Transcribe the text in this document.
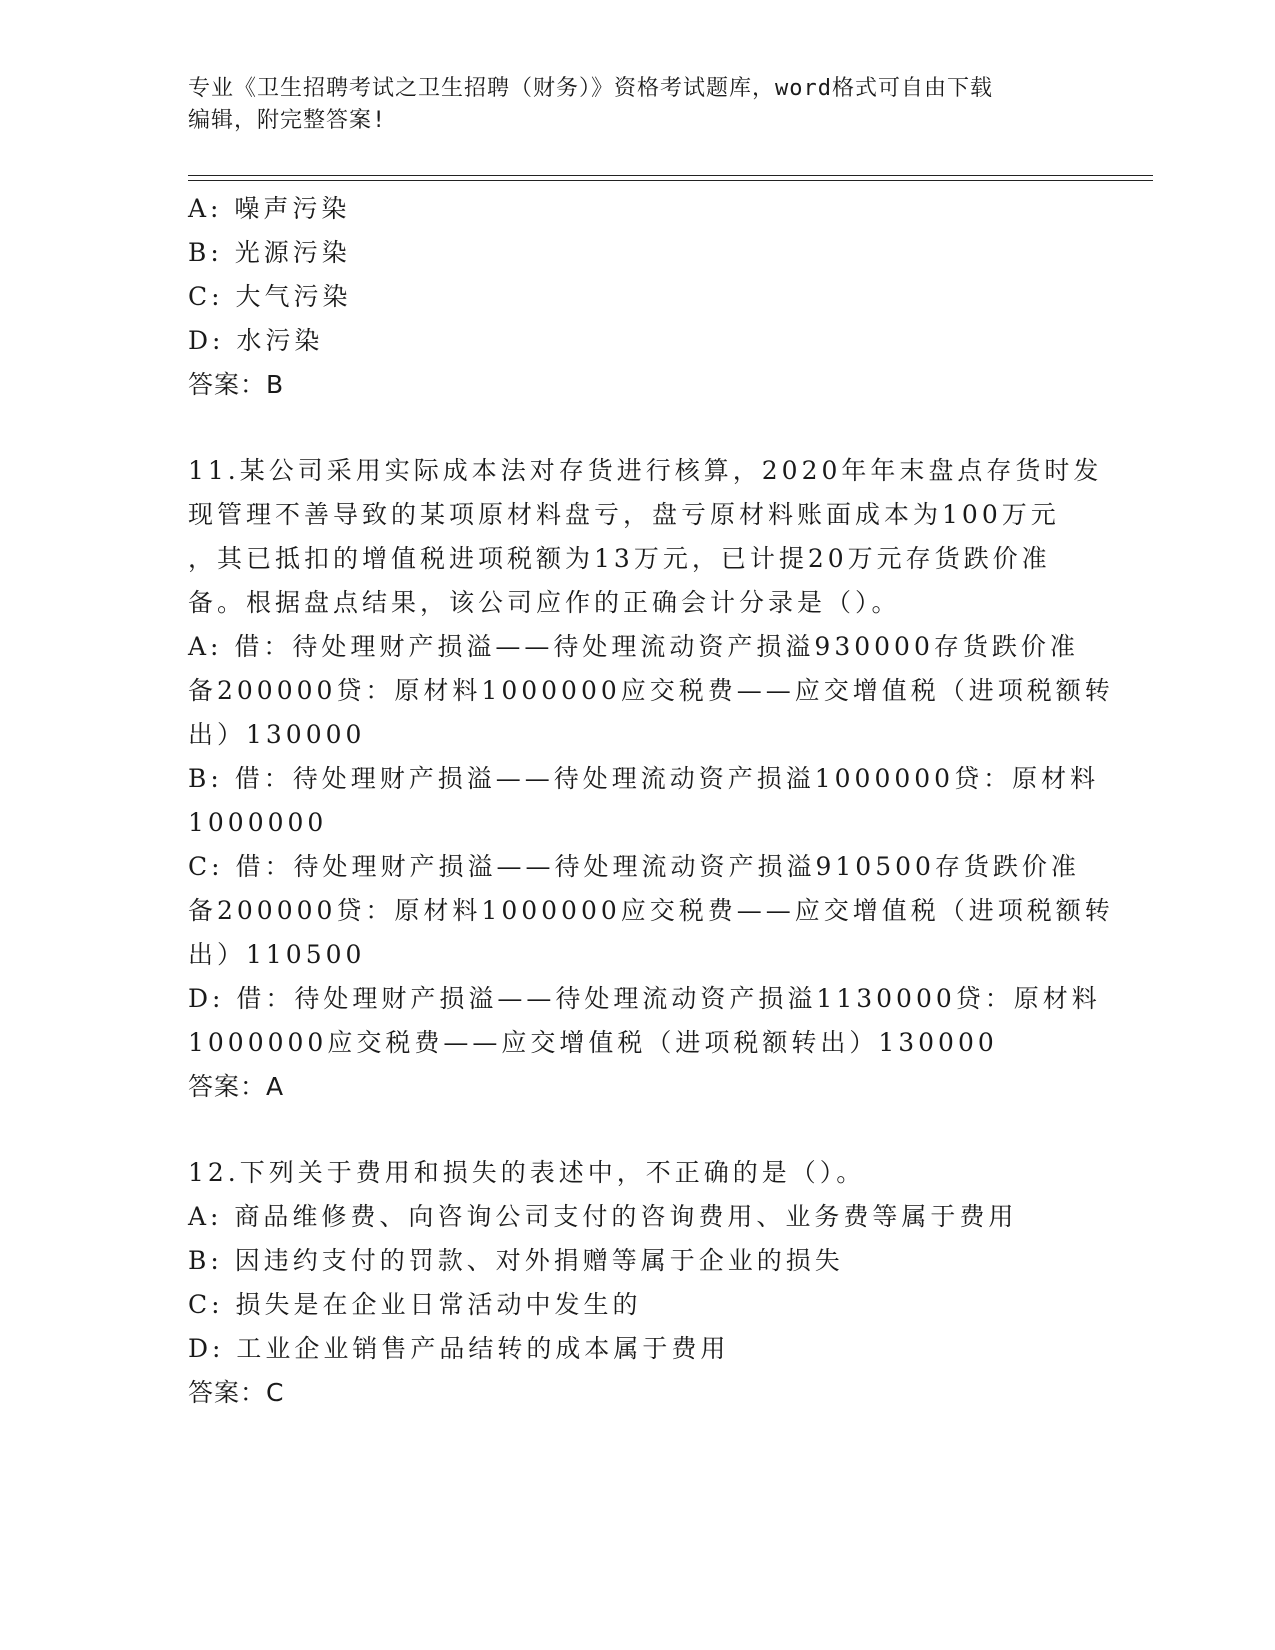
专业《卫生招聘考试之卫生招聘（财务）》资格考试题库，word格式可自由下载
编辑，附完整答案!
A: 噪声污染
B: 光源污染
C: 大气污染
D: 水污染
答案：B
11.某公司采用实际成本法对存货进行核算，2020年年末盘点存货时发
现管理不善导致的某项原材料盘亏，盘亏原材料账面成本为100万元
，其已抵扣的增值税进项税额为13万元，已计提20万元存货跌价准
备。根据盘点结果，该公司应作的正确会计分录是（）。
A: 借：待处理财产损溢——待处理流动资产损溢930000存货跌价准
备200000贷：原材料1000000应交税费——应交增值税（进项税额转
出）130000
B: 借：待处理财产损溢——待处理流动资产损溢1000000贷：原材料
1000000
C: 借：待处理财产损溢——待处理流动资产损溢910500存货跌价准
备200000贷：原材料1000000应交税费——应交增值税（进项税额转
出）110500
D: 借：待处理财产损溢——待处理流动资产损溢1130000贷：原材料
1000000应交税费——应交增值税（进项税额转出）130000
答案：A
12.下列关于费用和损失的表述中，不正确的是（）。
A: 商品维修费、向咨询公司支付的咨询费用、业务费等属于费用
B: 因违约支付的罚款、对外捐赠等属于企业的损失
C: 损失是在企业日常活动中发生的
D: 工业企业销售产品结转的成本属于费用
答案：C
